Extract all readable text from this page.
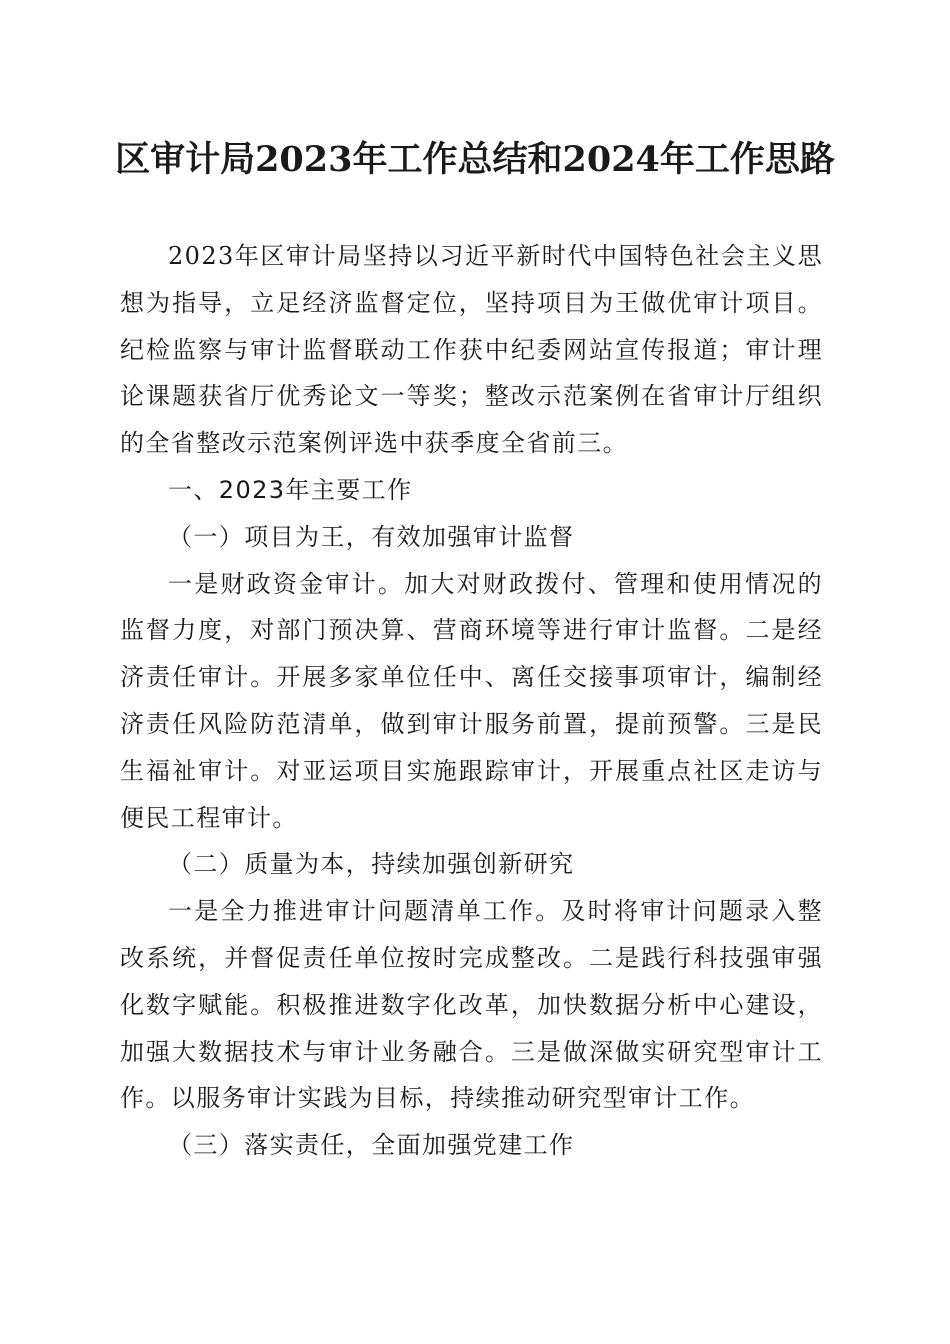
区审计局2023年工作总结和2024年工作思路

2023年区审计局坚持以习近平新时代中国特色社会主义思想为指导，立足经济监督定位，坚持项目为王做优审计项目。纪检监察与审计监督联动工作获中纪委网站宣传报道；审计理论课题获省厅优秀论文一等奖；整改示范案例在省审计厅组织的全省整改示范案例评选中获季度全省前三。

一、2023年主要工作

（一）项目为王，有效加强审计监督

一是财政资金审计。加大对财政拨付、管理和使用情况的监督力度，对部门预决算、营商环境等进行审计监督。二是经济责任审计。开展多家单位任中、离任交接事项审计，编制经济责任风险防范清单，做到审计服务前置，提前预警。三是民生福祉审计。对亚运项目实施跟踪审计，开展重点社区走访与便民工程审计。

（二）质量为本，持续加强创新研究

一是全力推进审计问题清单工作。及时将审计问题录入整改系统，并督促责任单位按时完成整改。二是践行科技强审强化数字赋能。积极推进数字化改革，加快数据分析中心建设，加强大数据技术与审计业务融合。三是做深做实研究型审计工作。以服务审计实践为目标，持续推动研究型审计工作。

（三）落实责任，全面加强党建工作
